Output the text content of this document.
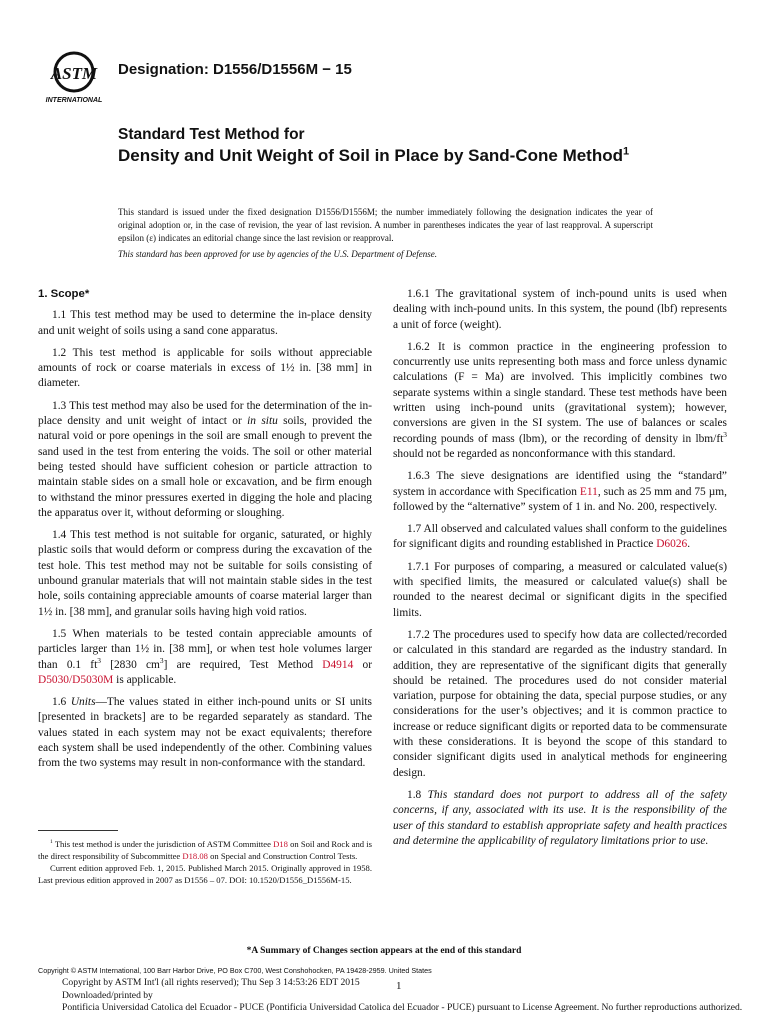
ASTM
INTERNATIONAL
Designation: D1556/D1556M − 15
Standard Test Method for
Density and Unit Weight of Soil in Place by Sand-Cone Method$^1$
This standard is issued under the fixed designation D1556/D1556M; the number immediately following the designation indicates the year of original adoption or, in the case of revision, the year of last revision. A number in parentheses indicates the year of last reapproval. A superscript epsilon (ε) indicates an editorial change since the last revision or reapproval.
This standard has been approved for use by agencies of the U.S. Department of Defense.
1. Scope*

1.1 This test method may be used to determine the in-place density and unit weight of soils using a sand cone apparatus.

1.2 This test method is applicable for soils without appreciable amounts of rock or coarse materials in excess of 1½ in. [38 mm] in diameter.

1.3 This test method may also be used for the determination of the in-place density and unit weight of intact or in situ soils, provided the natural void or pore openings in the soil are small enough to prevent the sand used in the test from entering the voids. The soil or other material being tested should have sufficient cohesion or particle attraction to maintain stable sides on a small hole or excavation, and be firm enough to withstand the minor pressures exerted in digging the hole and placing the apparatus over it, without deforming or sloughing.

1.4 This test method is not suitable for organic, saturated, or highly plastic soils that would deform or compress during the excavation of the test hole. This test method may not be suitable for soils consisting of unbound granular materials that will not maintain stable sides in the test hole, soils containing appreciable amounts of coarse material larger than 1½ in. [38 mm], and granular soils having high void ratios.

1.5 When materials to be tested contain appreciable amounts of particles larger than 1½ in. [38 mm], or when test hole volumes larger than 0.1 $ft^3$ [2830 $cm^3$] are required, Test Method D4914 or D5030/D5030M is applicable.

1.6 Units—The values stated in either inch-pound units or SI units [presented in brackets] are to be regarded separately as standard. The values stated in each system may not be exact equivalents; therefore each system shall be used independently of the other. Combining values from the two systems may result in non-conformance with the standard.

$^1$ This test method is under the jurisdiction of ASTM Committee D18 on Soil and Rock and is the direct responsibility of Subcommittee D18.08 on Special and Construction Control Tests.

Current edition approved Feb. 1, 2015. Published March 2015. Originally approved in 1958. Last previous edition approved in 2007 as D1556 – 07. DOI: 10.1520/D1556_D1556M-15.

1.6.1 The gravitational system of inch-pound units is used when dealing with inch-pound units. In this system, the pound (lbf) represents a unit of force (weight).

1.6.2 It is common practice in the engineering profession to concurrently use units representing both mass and force unless dynamic calculations (F = Ma) are involved. This implicitly combines two separate systems within a single standard. These test methods have been written using inch-pound units (gravitational system); however, conversions are given in the SI system. The use of balances or scales recording pounds of mass (lbm), or the recording of density in lbm/$ft^3$ should not be regarded as nonconformance with this standard.

1.6.3 The sieve designations are identified using the “standard” system in accordance with Specification E11, such as 25 mm and 75 µm, followed by the “alternative” system of 1 in. and No. 200, respectively.

1.7 All observed and calculated values shall conform to the guidelines for significant digits and rounding established in Practice D6026.

1.7.1 For purposes of comparing, a measured or calculated value(s) with specified limits, the measured or calculated value(s) shall be rounded to the nearest decimal or significant digits in the specified limits.

1.7.2 The procedures used to specify how data are collected/recorded or calculated in this standard are regarded as the industry standard. In addition, they are representative of the significant digits that generally should be retained. The procedures used do not consider material variation, purpose for obtaining the data, special purpose studies, or any considerations for the user’s objectives; and it is common practice to increase or reduce significant digits or reported data to be commensurate with these considerations. It is beyond the scope of this standard to consider significant digits used in analytical methods for engineering design.

1.8 This standard does not purport to address all of the safety concerns, if any, associated with its use. It is the responsibility of the user of this standard to establish appropriate safety and health practices and determine the applicability of regulatory limitations prior to use.

*A Summary of Changes section appears at the end of this standard
Copyright © ASTM International, 100 Barr Harbor Drive, PO Box C700, West Conshohocken, PA 19428-2959. United States
1
Copyright by ASTM Int'l (all rights reserved); Thu Sep 3 14:53:26 EDT 2015
Downloaded/printed by
Pontificia Universidad Catolica del Ecuador - PUCE (Pontificia Universidad Catolica del Ecuador - PUCE) pursuant to License Agreement. No further reproductions authorized.
